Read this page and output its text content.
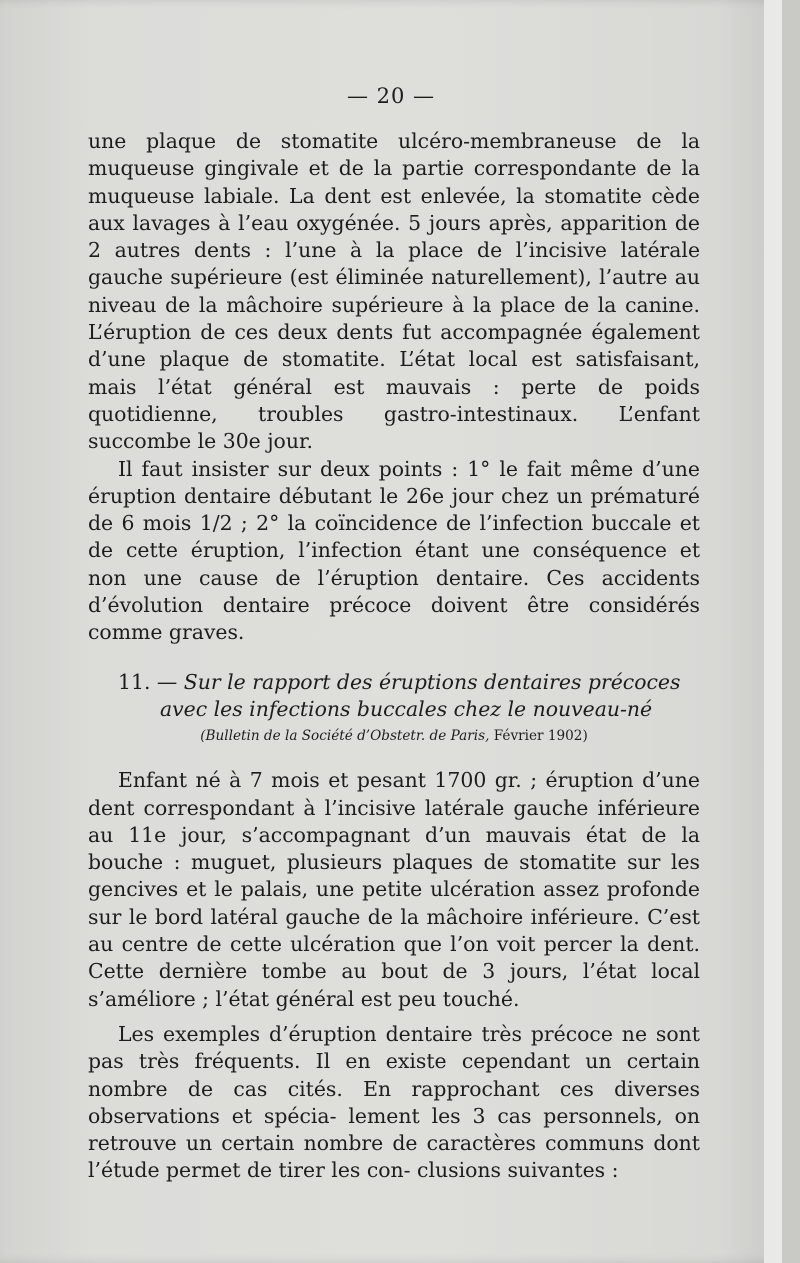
— 20 —

une plaque de stomatite ulcéro-membraneuse de la muqueuse gingivale et de la partie correspondante de la muqueuse labiale. La dent est enlevée, la stomatite cède aux lavages à l’eau oxygénée. 5 jours après, apparition de 2 autres dents : l’une à la place de l’incisive latérale gauche supérieure (est éliminée naturellement), l’autre au niveau de la mâchoire supérieure à la place de la canine. L’éruption de ces deux dents fut accompagnée également d’une plaque de stomatite. L’état local est satisfaisant, mais l’état général est mauvais : perte de poids quotidienne, troubles gastro-intestinaux. L’enfant succombe le 30e jour.

Il faut insister sur deux points : 1° le fait même d’une éruption dentaire débutant le 26e jour chez un prématuré de 6 mois 1/2 ; 2° la coïncidence de l’infection buccale et de cette éruption, l’infection étant une conséquence et non une cause de l’éruption dentaire. Ces accidents d’évolution dentaire précoce doivent être considérés comme graves.

11. — Sur le rapport des éruptions dentaires précoces
avec les infections buccales chez le nouveau-né
(Bulletin de la Société d’Obstetr. de Paris, Février 1902)

Enfant né à 7 mois et pesant 1700 gr. ; éruption d’une dent correspondant à l’incisive latérale gauche inférieure au 11e jour, s’accompagnant d’un mauvais état de la bouche : muguet, plusieurs plaques de stomatite sur les gencives et le palais, une petite ulcération assez profonde sur le bord latéral gauche de la mâchoire inférieure. C’est au centre de cette ulcération que l’on voit percer la dent. Cette dernière tombe au bout de 3 jours, l’état local s’améliore ; l’état général est peu touché.

Les exemples d’éruption dentaire très précoce ne sont pas très fréquents. Il en existe cependant un certain nombre de cas cités. En rapprochant ces diverses observations et spécia- lement les 3 cas personnels, on retrouve un certain nombre de caractères communs dont l’étude permet de tirer les con- clusions suivantes :
